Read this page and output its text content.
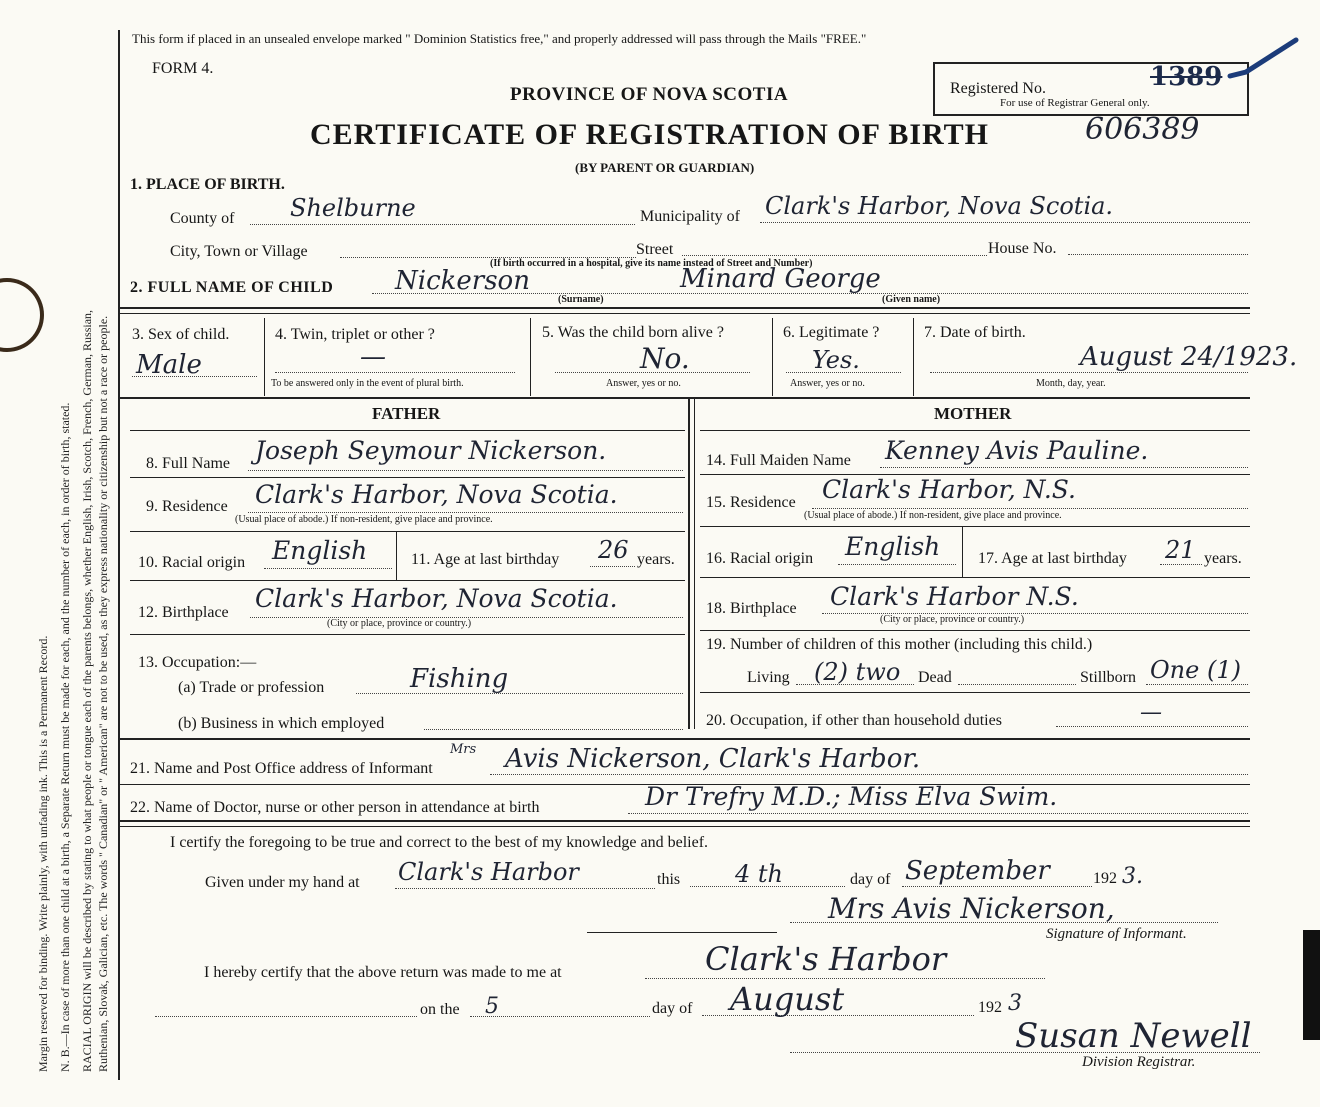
Margin reserved for binding. Write plainly, with unfading ink. This is a Permanent Record. N. B.—In case of more than one child at a birth, a Separate Return must be made for each, and the number of each, in order of birth, stated. RACIAL ORIGIN will be described by stating to what people or tongue each of the parents belongs, whether English, Irish, Scotch, French, German, Russian, Ruthenian, Slovak, Galician, etc. The words " Canadian" or " American" are not to be used, as they express nationality or citizenship but not a race or people.
This form if placed in an unsealed envelope marked " Dominion Statistics free," and properly addressed will pass through the Mails "FREE."
FORM 4.
PROVINCE OF NOVA SCOTIA
CERTIFICATE OF REGISTRATION OF BIRTH	606389
(BY PARENT OR GUARDIAN)
Registered No.	1389
For use of Registrar General only.
1. PLACE OF BIRTH.
County of Shelburne	Municipality of Clark's Harbor, Nova Scotia.
City, Town or Village	Street	House No.
(If birth occurred in a hospital, give its name instead of Street and Number)
2. FULL NAME OF CHILD Nickerson	Minard George
(Surname)	(Given name)
3. Sex of child.
Male
4. Twin, triplet or other ?
—
To be answered only in the event of plural birth.
5. Was the child born alive ?
No.
Answer, yes or no.
6. Legitimate ?
Yes.
Answer, yes or no.
7. Date of birth.
August 24/1923.
Month, day, year.
FATHER	MOTHER
8. Full Name Joseph Seymour Nickerson.
9. Residence Clark's Harbor, Nova Scotia.
(Usual place of abode.) If non-resident, give place and province.
10. Racial origin English	11. Age at last birthday 26 years.
12. Birthplace Clark's Harbor, Nova Scotia.
(City or place, province or country.)
13. Occupation:—
(a) Trade or profession	Fishing
(b) Business in which employed
14. Full Maiden Name Kenney Avis Pauline.
15. Residence Clark's Harbor, N.S.
(Usual place of abode.) If non-resident, give place and province.
16. Racial origin English 17. Age at last birthday 21 years.
18. Birthplace Clark's Harbor N.S.
(City or place, province or country.)
19. Number of children of this mother (including this child.)
Living (2) two Dead	Stillborn One (1)
20. Occupation, if other than household duties	—
21. Name and Post Office address of Informant
Mrs Avis Nickerson, Clark's Harbor.
22. Name of Doctor, nurse or other person in attendance at birth	Dr Trefry M.D.; Miss Elva Swim.
I certify the foregoing to be true and correct to the best of my knowledge and belief.
Given under my hand at Clark's Harbor	this 4 th	day of September	192 3.
Mrs Avis Nickerson,
Signature of Informant.
I hereby certify that the above return was made to me at	Clark's Harbor
on the 5	day of August	192 3
Susan Newell
Division Registrar.
